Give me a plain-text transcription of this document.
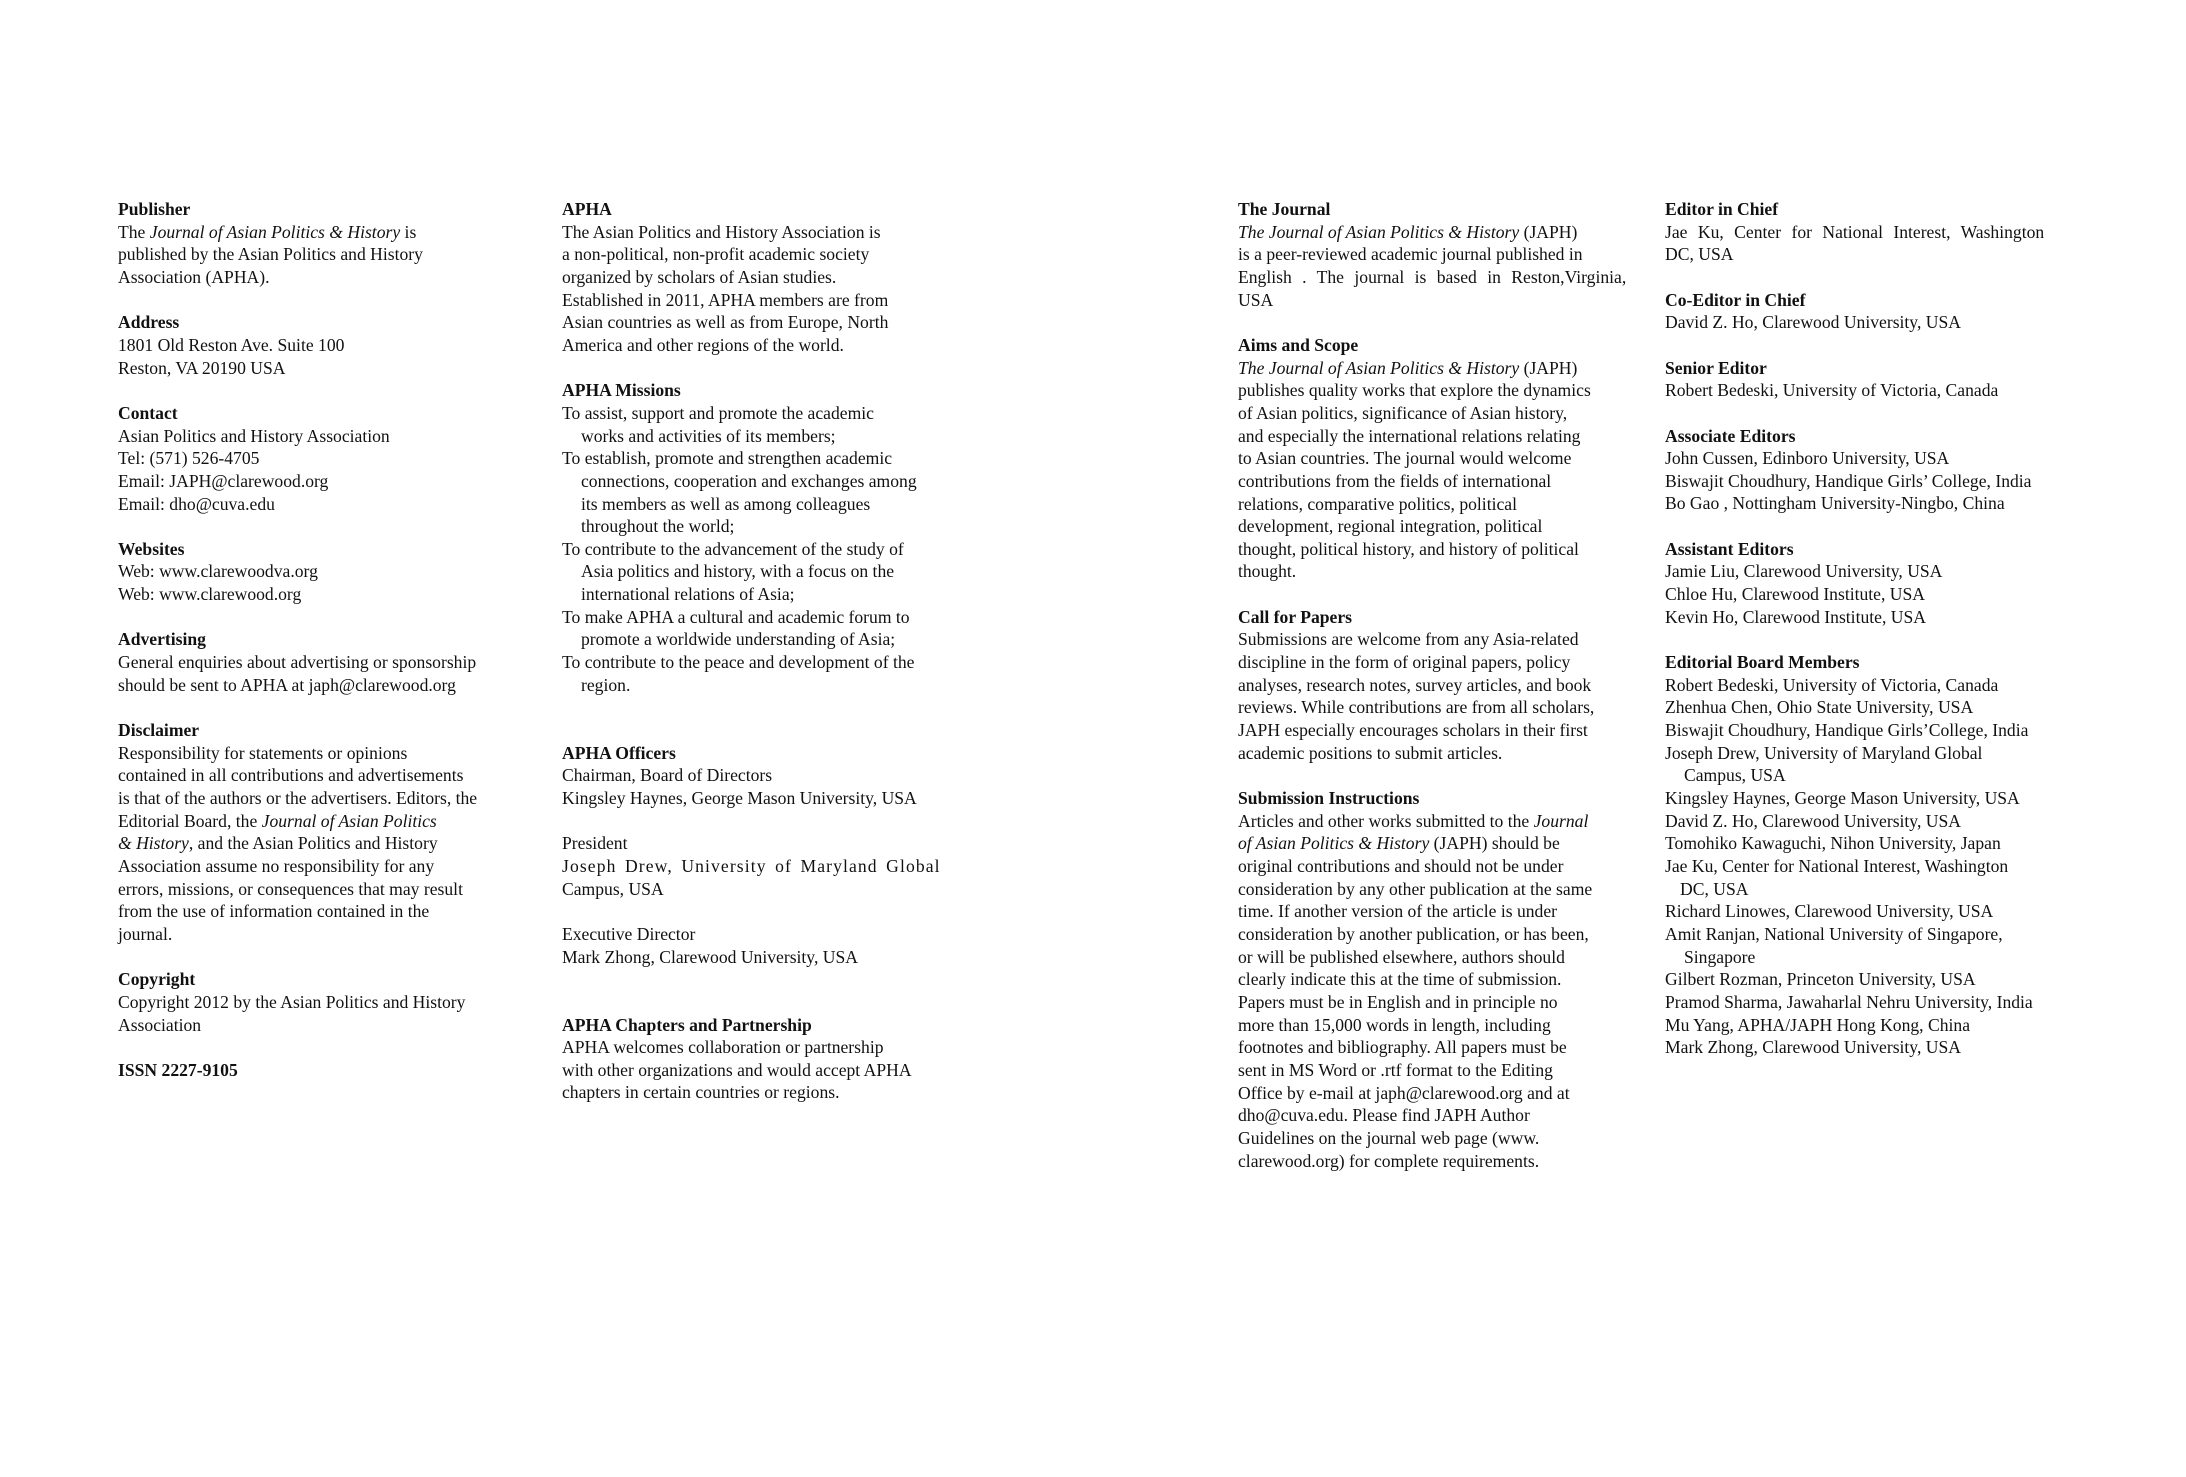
Publisher
The Journal of Asian Politics & History is
published by the Asian Politics and History
Association (APHA).
Address
1801 Old Reston Ave. Suite 100
Reston, VA 20190 USA
Contact
Asian Politics and History Association
Tel: (571) 526-4705
Email: JAPH@clarewood.org
Email: dho@cuva.edu
Websites
Web: www.clarewoodva.org
Web: www.clarewood.org
Advertising
General enquiries about advertising or sponsorship
should be sent to APHA at japh@clarewood.org
Disclaimer
Responsibility for statements or opinions
contained in all contributions and advertisements
is that of the authors or the advertisers. Editors, the
Editorial Board, the Journal of Asian Politics
& History, and the Asian Politics and History
Association assume no responsibility for any
errors, missions, or consequences that may result
from the use of information contained in the
journal.
Copyright
Copyright 2012 by the Asian Politics and History
Association
ISSN 2227-9105
APHA
The Asian Politics and History Association is
a non-political, non-profit academic society
organized by scholars of Asian studies.
Established in 2011, APHA members are from
Asian countries as well as from Europe, North
America and other regions of the world.
APHA Missions
To assist, support and promote the academic
works and activities of its members;
To establish, promote and strengthen academic
connections, cooperation and exchanges among
its members as well as among colleagues
throughout the world;
To contribute to the advancement of the study of
Asia politics and history, with a focus on the
international relations of Asia;
To make APHA a cultural and academic forum to
promote a worldwide understanding of Asia;
To contribute to the peace and development of the
region.
APHA Officers
Chairman, Board of Directors
Kingsley Haynes, George Mason University, USA
President
Joseph Drew, University of Maryland Global
Campus, USA
Executive Director
Mark Zhong, Clarewood University, USA
APHA Chapters and Partnership
APHA welcomes collaboration or partnership
with other organizations and would accept APHA
chapters in certain countries or regions.
The Journal
The Journal of Asian Politics & History (JAPH)
is a peer-reviewed academic journal published in
English . The journal is based in Reston,Virginia,
USA
Aims and Scope
The Journal of Asian Politics & History (JAPH)
publishes quality works that explore the dynamics
of Asian politics, significance of Asian history,
and especially the international relations relating
to Asian countries. The journal would welcome
contributions from the fields of international
relations, comparative politics, political
development, regional integration, political
thought, political history, and history of political
thought.
Call for Papers
Submissions are welcome from any Asia-related
discipline in the form of original papers, policy
analyses, research notes, survey articles, and book
reviews. While contributions are from all scholars,
JAPH especially encourages scholars in their first
academic positions to submit articles.
Submission Instructions
Articles and other works submitted to the Journal
of Asian Politics & History (JAPH) should be
original contributions and should not be under
consideration by any other publication at the same
time. If another version of the article is under
consideration by another publication, or has been,
or will be published elsewhere, authors should
clearly indicate this at the time of submission.
Papers must be in English and in principle no
more than 15,000 words in length, including
footnotes and bibliography. All papers must be
sent in MS Word or .rtf format to the Editing
Office by e-mail at japh@clarewood.org and at
dho@cuva.edu. Please find JAPH Author
Guidelines on the journal web page (www.
clarewood.org) for complete requirements.
Editor in Chief
Jae Ku, Center for National Interest, Washington
DC, USA
Co-Editor in Chief
David Z. Ho, Clarewood University, USA
Senior Editor
Robert Bedeski, University of Victoria, Canada
Associate Editors
John Cussen, Edinboro University, USA
Biswajit Choudhury, Handique Girls’ College, India
Bo Gao , Nottingham University-Ningbo, China
Assistant Editors
Jamie Liu, Clarewood University, USA
Chloe Hu, Clarewood Institute, USA
Kevin Ho, Clarewood Institute, USA
Editorial Board Members
Robert Bedeski, University of Victoria, Canada
Zhenhua Chen, Ohio State University, USA
Biswajit Choudhury, Handique Girls’College, India
Joseph Drew, University of Maryland Global
Campus, USA
Kingsley Haynes, George Mason University, USA
David Z. Ho, Clarewood University, USA
Tomohiko Kawaguchi, Nihon University, Japan
Jae Ku, Center for National Interest, Washington
DC, USA
Richard Linowes, Clarewood University, USA
Amit Ranjan, National University of Singapore,
Singapore
Gilbert Rozman, Princeton University, USA
Pramod Sharma, Jawaharlal Nehru University, India
Mu Yang, APHA/JAPH Hong Kong, China
Mark Zhong, Clarewood University, USA
